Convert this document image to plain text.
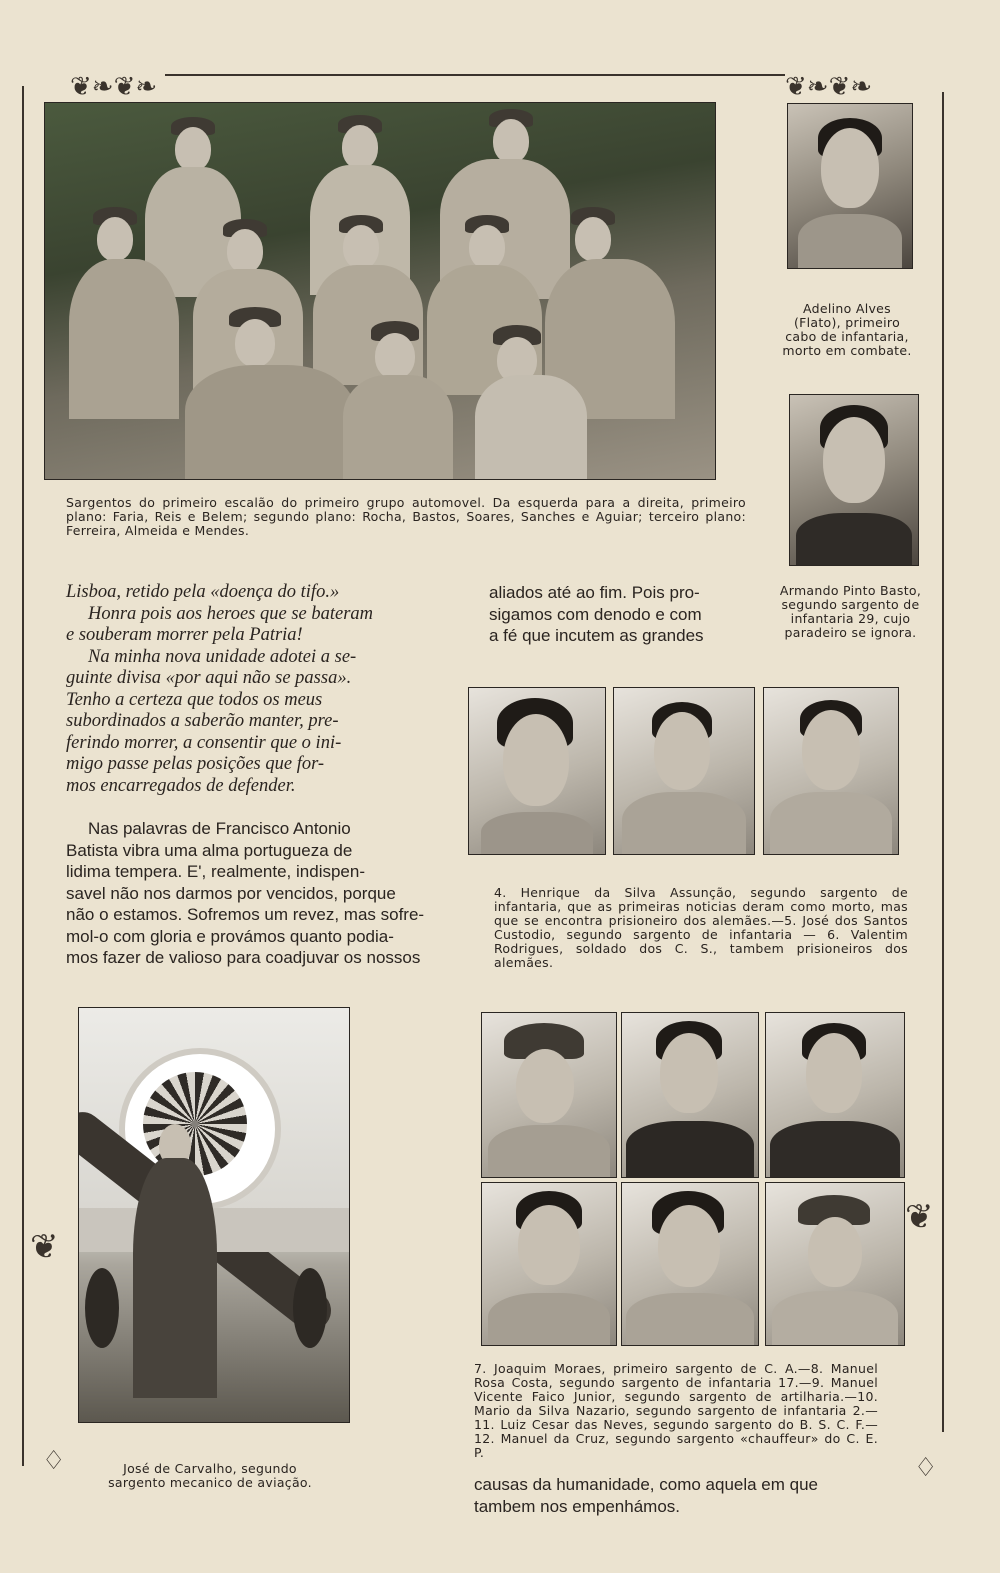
❦❧❦❧	❦❧❦❧
❦
❦
♢	♢
Sargentos do primeiro escalão do primeiro grupo automovel. Da esquerda para a direita, primeiro plano: Faria, Reis e Belem; segundo plano: Rocha, Bastos, Soares, Sanches e Aguiar; terceiro plano: Ferreira, Almeida e Mendes.
Adelino Alves (Flato), primeiro cabo de infantaria, morto em combate.
Armando Pinto Basto, segundo sargento de infantaria 29, cujo paradeiro se ignora.
Lisboa, retido pela «doença do tifo.»
Honra pois aos heroes que se bateram
e souberam morrer pela Patria!
Na minha nova unidade adotei a se-
guinte divisa «por aqui não se passa».
Tenho a certeza que todos os meus
subordinados a saberão manter, pre-
ferindo morrer, a consentir que o ini-
migo passe pelas posições que for-
mos encarregados de defender.
Nas palavras de Francisco Antonio
Batista vibra uma alma portugueza de
lidima tempera. E', realmente, indispen-
savel não nos darmos por vencidos, porque
não o estamos. Sofremos um revez, mas sofre-
mol-o com gloria e provámos quanto podia-
mos fazer de valioso para coadjuvar os nossos
aliados até ao fim. Pois pro-
sigamos com denodo e com
a fé que incutem as grandes
4. Henrique da Silva Assunção, segundo sargento de infantaria, que as primeiras noticias deram como morto, mas que se encontra prisioneiro dos alemães.—5. José dos Santos Custodio, segundo sargento de infantaria — 6. Valentim Rodrigues, soldado dos C. S., tambem prisioneiros dos alemães.
José de Carvalho, segundo sargento mecanico de aviação.
7. Joaquim Moraes, primeiro sargento de C. A.—8. Manuel Rosa Costa, segundo sargento de infantaria 17.—9. Manuel Vicente Faico Junior, segundo sargento de artilharia.—10. Mario da Silva Nazario, segundo sargento de infantaria 2.—11. Luiz Cesar das Neves, segundo sargento do B. S. C. F.—12. Manuel da Cruz, segundo sargento «chauffeur» do C. E. P.
causas da humanidade, como aquela em que
tambem nos empenhámos.
